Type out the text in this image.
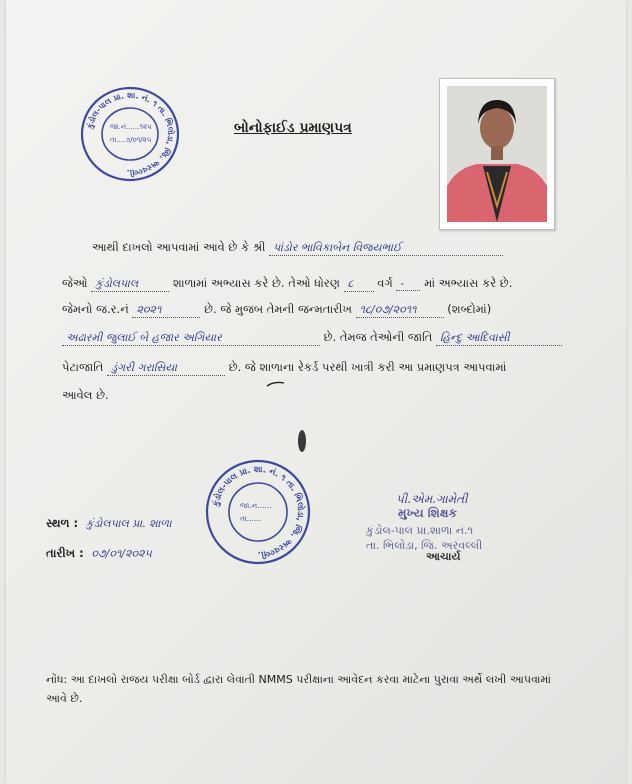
કુંડોલ-પાલ પ્રા. શા. નં. ૧ તા. ભિલોડા, જિ. અરવલ્લી.
જા.નં......૧૨૫
તા....૭/૦૧/૨૫
બોનોફાઈડ પ્રમાણપત્ર
આથી દાખલો આપવામાં આવે છે કે શ્રી પાંડોર ભાવિકાબેન વિજયભાઈ
જેઓ કુંડોલપાલ	શાળામાં અભ્યાસ કરે છે. તેઓ ધોરણ ૮ વર્ગ - માં અભ્યાસ કરે છે.
જેમનો જ.ર.નં ૨૦૨૧	છે. જે મુજબ તેમની જન્મતારીખ ૧૮/૦૭/૨૦૧૧	(શબ્દોમાં)
અઢારમી જુલાઈ બે હજાર અગિયાર	છે. તેમજ તેઓની જાતિ હિન્દુ આદિવાસી
પેટાજાતિ ડુંગરી ગરાસિયા	છે. જે શાળાના રેકર્ડ પરથી ખાત્રી કરી આ પ્રમાણપત્ર આપવામાં
આવેલ છે.
કુંડોલ-પાલ પ્રા. શા. નં. ૧ તા. ભિલોડા, જિ. અરવલ્લી.
જા.નં......
તા......
સ્થળ : કુંડોલપાલ પ્રા. શાળા
તારીખ : ૦૭/૦૧/૨૦૨૫
પી.એમ.ગામેતી
મુખ્ય શિક્ષક
કુંડોલ-પાલ પ્રા.શાળા નં.૧
તા. ભિલોડા, જિ. અરવલ્લી
આચાર્ય
નોંધ: આ દાખલો રાજય પરીક્ષા બોર્ડ દ્વારા લેવાતી NMMS પરીક્ષાના આવેદન કરવા માટેના પુરાવા અર્થે લખી આપવામાં આવે છે.
